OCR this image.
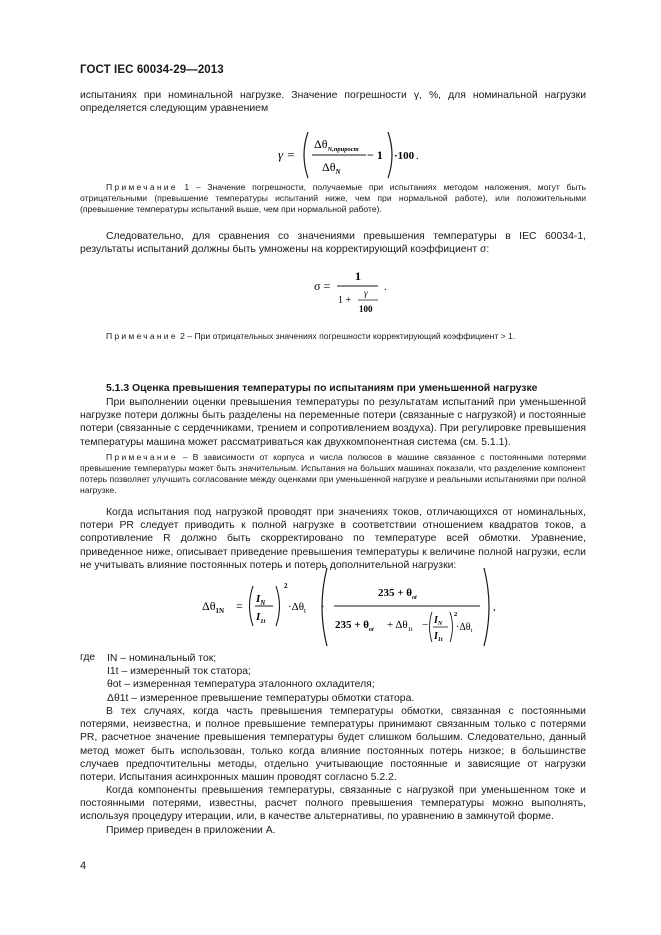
ГОСТ IEC 60034-29—2013

испытаниях при номинальной нагрузке. Значение погрешности γ, %, для номинальной нагрузки определяется следующим уравнением

γ =
$\Delta\theta_{N,прирост}$
$\Delta\theta_N$
− 1 ·100 .

Примечание 1 – Значение погрешности, получаемые при испытаниях методом наложения, могут быть отрицательными (превышение температуры испытаний ниже, чем при нормальной работе), или положительными (превышение температуры испытаний выше, чем при нормальной работе).

Следовательно, для сравнения со значениями превышения температуры в IEC 60034-1, результаты испытаний должны быть умножены на корректирующий коэффициент σ:

σ =
1
1 +
γ
100
.

Примечание 2 – При отрицательных значениях погрешности корректирующий коэффициент > 1.

5.1.3 Оценка превышения температуры по испытаниям при уменьшенной нагрузке

При выполнении оценки превышения температуры по результатам испытаний при уменьшенной нагрузке потери должны быть разделены на переменные потери (связанные с нагрузкой) и постоянные потери (связанные с сердечниками, трением и сопротивлением воздуха). При регулировке превышения температуры машина может рассматриваться как двухкомпонентная система (см. 5.1.1).

Примечание – В зависимости от корпуса и числа полюсов в машине связанное с постоянными потерями превышение температуры может быть значительным. Испытания на больших машинах показали, что разделение компонент потерь позволяет улучшить согласование между оценками при уменьшенной нагрузке и реальными испытаниями при полной нагрузке.

Когда испытания под нагрузкой проводят при значениях токов, отличающихся от номинальных, потери PR следует приводить к полной нагрузке в соответствии отношением квадратов токов, а сопротивление R должно быть скорректировано по температуре всей обмотки. Уравнение, приведенное ниже, описывает приведение превышения температуры к величине полной нагрузки, если не учитывать влияние постоянных потерь и потерь дополнительной нагрузки:

$\Delta\theta_{1N} = I_N$
$I_{1t}$
2
$\cdot\Delta\theta_t$ ·
$235 + \theta_{ot}$
$235 + \theta_{ot} + \Delta\theta_{1t} - I_N$
$I_{1t}$
2
$\cdot\Delta\theta_t$
,
где IN – номинальный ток;
I1t – измеренный ток статора;
θot – измеренная температура эталонного охладителя;
Δθ1t – измеренное превышение температуры обмотки статора.

В тех случаях, когда часть превышения температуры обмотки, связанная с постоянными потерями, неизвестна, и полное превышение температуры принимают связанным только с потерями PR, расчетное значение превышения температуры будет слишком большим. Следовательно, данный метод может быть использован, только когда влияние постоянных потерь низкое; в большинстве случаев предпочтительны методы, отдельно учитывающие постоянные и зависящие от нагрузки потери. Испытания асинхронных машин проводят согласно 5.2.2.

Когда компоненты превышения температуры, связанные с нагрузкой при уменьшенном токе и постоянными потерями, известны, расчет полного превышения температуры можно выполнять, используя процедуру итерации, или, в качестве альтернативы, по уравнению в замкнутой форме.

Пример приведен в приложении А.

4
